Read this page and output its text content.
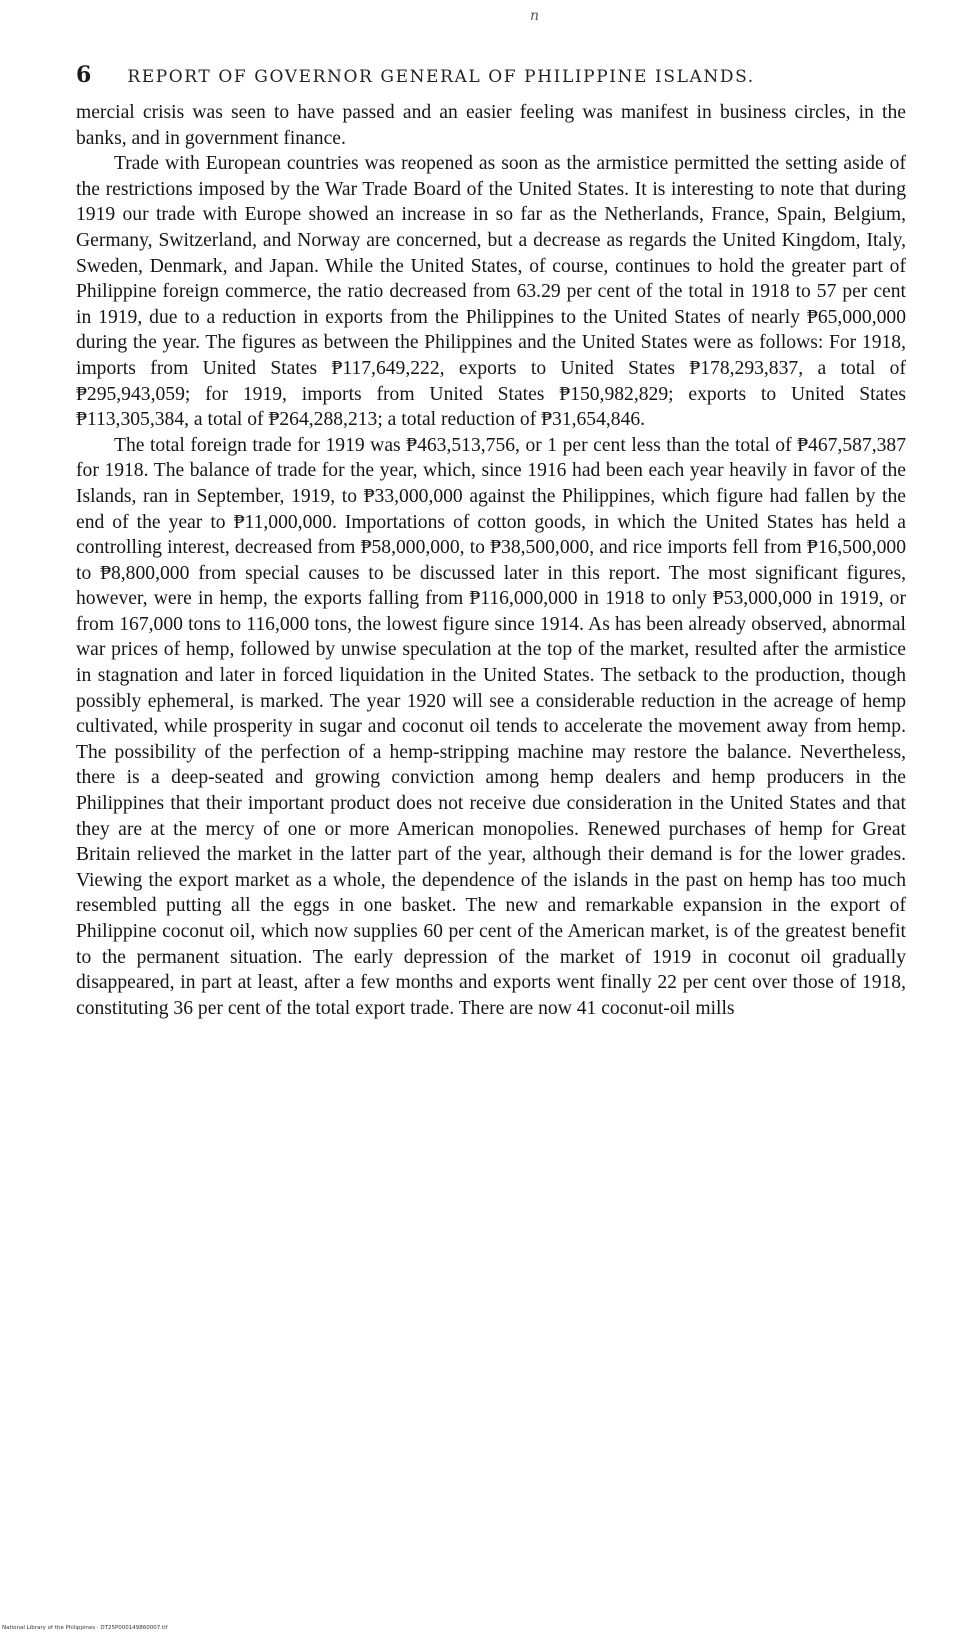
n
6 REPORT OF GOVERNOR GENERAL OF PHILIPPINE ISLANDS.

mercial crisis was seen to have passed and an easier feeling was manifest in business circles, in the banks, and in government finance.

Trade with European countries was reopened as soon as the armistice permitted the setting aside of the restrictions imposed by the War Trade Board of the United States. It is interesting to note that during 1919 our trade with Europe showed an increase in so far as the Netherlands, France, Spain, Belgium, Germany, Switzerland, and Norway are concerned, but a decrease as regards the United Kingdom, Italy, Sweden, Denmark, and Japan. While the United States, of course, continues to hold the greater part of Philippine foreign commerce, the ratio decreased from 63.29 per cent of the total in 1918 to 57 per cent in 1919, due to a reduction in exports from the Philippines to the United States of nearly ₱65,000,000 during the year. The figures as between the Philippines and the United States were as follows: For 1918, imports from United States ₱117,649,222, exports to United States ₱178,293,837, a total of ₱295,943,059; for 1919, imports from United States ₱150,982,829; exports to United States ₱113,305,384, a total of ₱264,288,213; a total reduction of ₱31,654,846.

The total foreign trade for 1919 was ₱463,513,756, or 1 per cent less than the total of ₱467,587,387 for 1918. The balance of trade for the year, which, since 1916 had been each year heavily in favor of the Islands, ran in September, 1919, to ₱33,000,000 against the Philippines, which figure had fallen by the end of the year to ₱11,000,000. Importations of cotton goods, in which the United States has held a controlling interest, decreased from ₱58,000,000, to ₱38,500,000, and rice imports fell from ₱16,500,000 to ₱8,800,000 from special causes to be discussed later in this report. The most significant figures, however, were in hemp, the exports falling from ₱116,000,000 in 1918 to only ₱53,000,000 in 1919, or from 167,000 tons to 116,000 tons, the lowest figure since 1914. As has been already observed, abnormal war prices of hemp, followed by unwise speculation at the top of the market, resulted after the armistice in stagnation and later in forced liquidation in the United States. The setback to the production, though possibly ephemeral, is marked. The year 1920 will see a considerable reduction in the acreage of hemp cultivated, while prosperity in sugar and coconut oil tends to accelerate the movement away from hemp. The possibility of the perfection of a hemp-stripping machine may restore the balance. Nevertheless, there is a deep-seated and growing conviction among hemp dealers and hemp producers in the Philippines that their important product does not receive due consideration in the United States and that they are at the mercy of one or more American monopolies. Renewed purchases of hemp for Great Britain relieved the market in the latter part of the year, although their demand is for the lower grades. Viewing the export market as a whole, the dependence of the islands in the past on hemp has too much resembled putting all the eggs in one basket. The new and remarkable expansion in the export of Philippine coconut oil, which now supplies 60 per cent of the American market, is of the greatest benefit to the permanent situation. The early depression of the market of 1919 in coconut oil gradually disappeared, in part at least, after a few months and exports went finally 22 per cent over those of 1918, constituting 36 per cent of the total export trade. There are now 41 coconut-oil mills

National Library of the Philippines · DT25P000149860007.tif
